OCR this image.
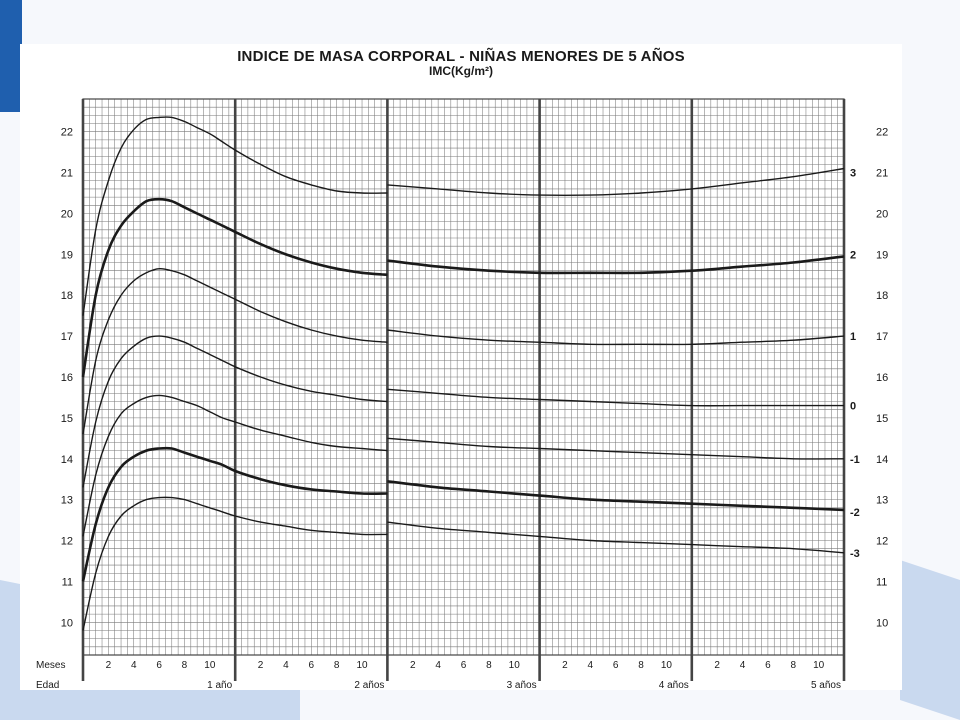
10	10
11	11
12	12
13	13
14	14
15	15
16	16
17	17
18	18
19	19
20	20
21	21
22	22
Meses
Edad
2 4 6 8 10	2 4 6 8 10	2 4 6 8 10	2 4 6 8 10	2 4 6 8 10
1 año	2 años	3 años	4 años	5 años
3
2
1
0
-1
-2
-3
INDICE DE MASA CORPORAL - NIÑAS MENORES DE 5 AÑOS
IMC(Kg/m²)
